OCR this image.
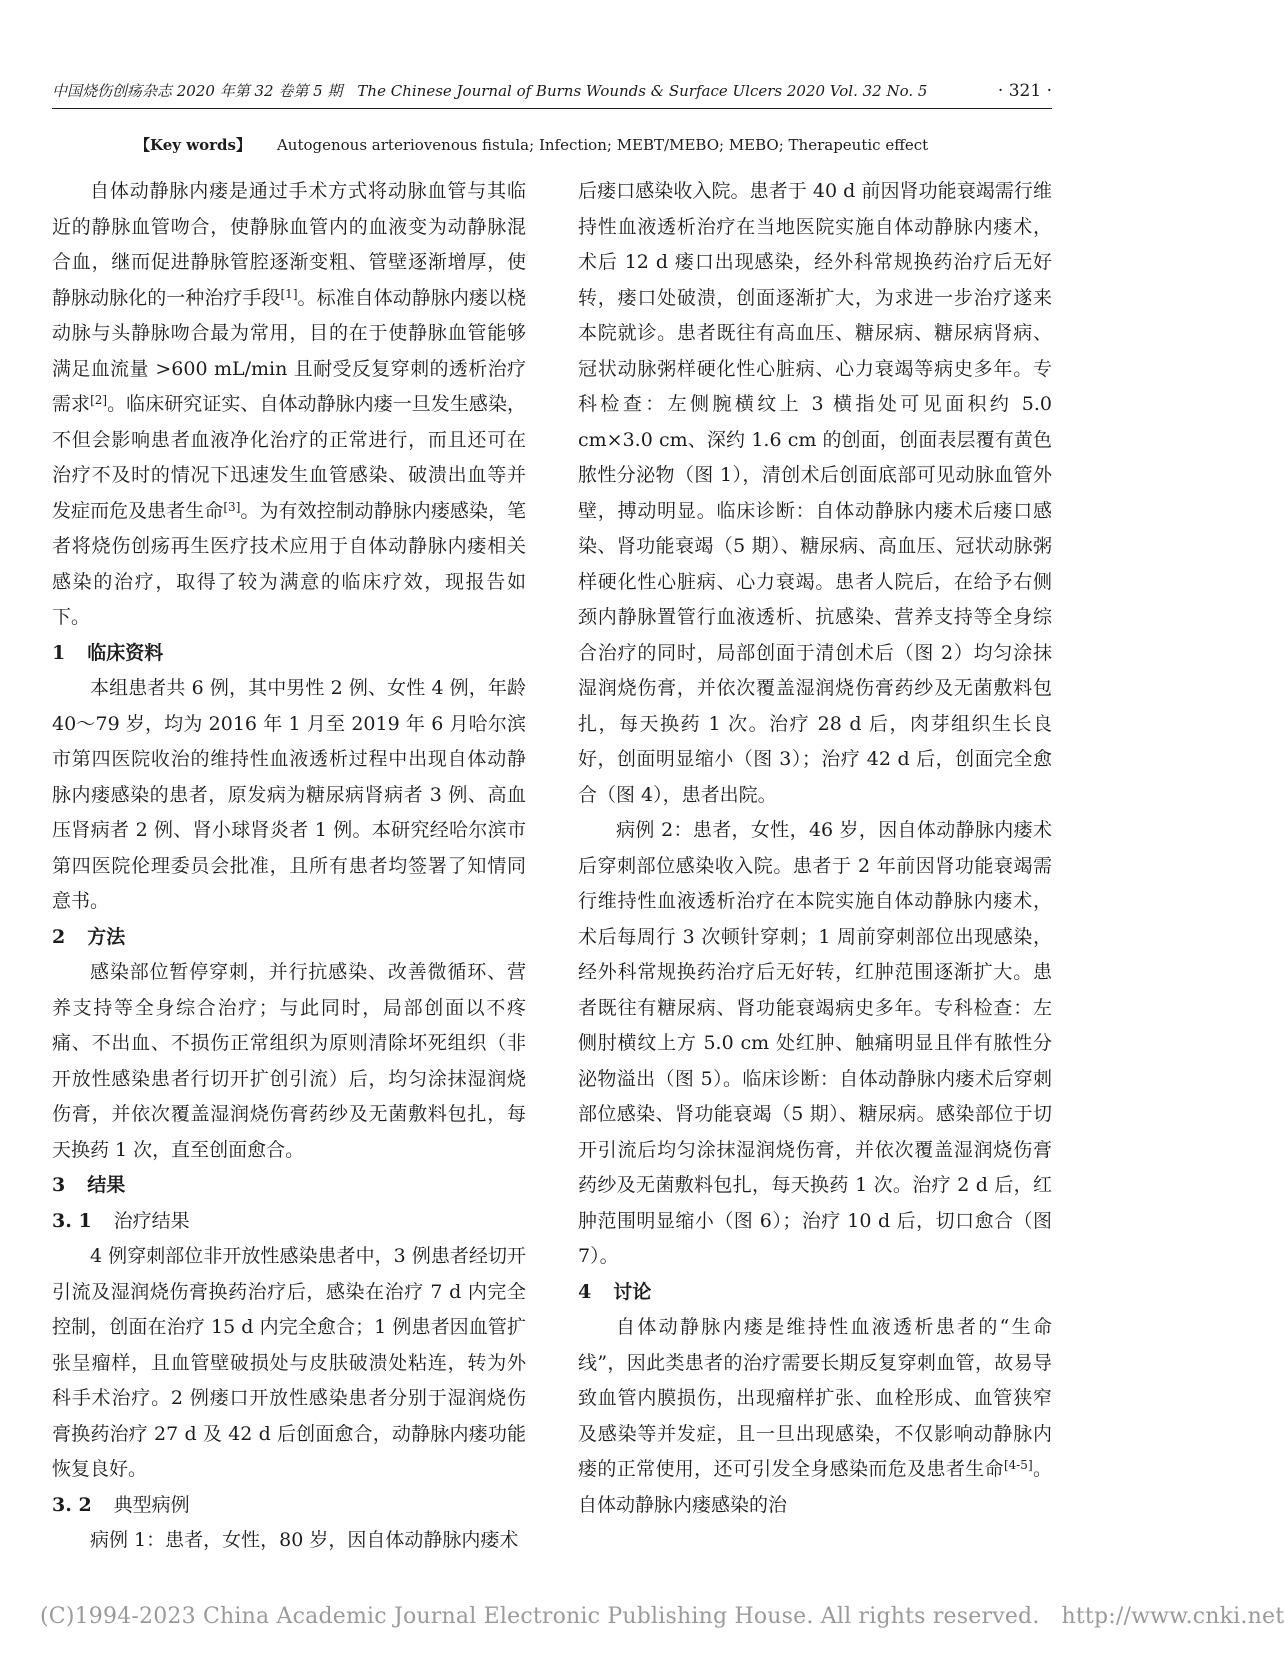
中国烧伤创疡杂志 2020 年第 32 卷第 5 期　The Chinese Journal of Burns Wounds & Surface Ulcers 2020 Vol. 32 No. 5	· 321 ·
【Key words】 Autogenous arteriovenous fistula; Infection; MEBT/MEBO; MEBO; Therapeutic effect

自体动静脉内瘘是通过手术方式将动脉血管与其临近的静脉血管吻合，使静脉血管内的血液变为动静脉混合血，继而促进静脉管腔逐渐变粗、管壁逐渐增厚，使静脉动脉化的一种治疗手段[1]。标准自体动静脉内瘘以桡动脉与头静脉吻合最为常用，目的在于使静脉血管能够满足血流量 >600 mL/min 且耐受反复穿刺的透析治疗需求[2]。临床研究证实、自体动静脉内瘘一旦发生感染，不但会影响患者血液净化治疗的正常进行，而且还可在治疗不及时的情况下迅速发生血管感染、破溃出血等并发症而危及患者生命[3]。为有效控制动静脉内瘘感染，笔者将烧伤创疡再生医疗技术应用于自体动静脉内瘘相关感染的治疗，取得了较为满意的临床疗效，现报告如下。

1 临床资料

本组患者共 6 例，其中男性 2 例、女性 4 例，年龄 40～79 岁，均为 2016 年 1 月至 2019 年 6 月哈尔滨市第四医院收治的维持性血液透析过程中出现自体动静脉内瘘感染的患者，原发病为糖尿病肾病者 3 例、高血压肾病者 2 例、肾小球肾炎者 1 例。本研究经哈尔滨市第四医院伦理委员会批准，且所有患者均签署了知情同意书。

2 方法

感染部位暂停穿刺，并行抗感染、改善微循环、营养支持等全身综合治疗；与此同时，局部创面以不疼痛、不出血、不损伤正常组织为原则清除坏死组织（非开放性感染患者行切开扩创引流）后，均匀涂抹湿润烧伤膏，并依次覆盖湿润烧伤膏药纱及无菌敷料包扎，每天换药 1 次，直至创面愈合。

3 结果
3. 1 治疗结果

4 例穿刺部位非开放性感染患者中，3 例患者经切开引流及湿润烧伤膏换药治疗后，感染在治疗 7 d 内完全控制，创面在治疗 15 d 内完全愈合；1 例患者因血管扩张呈瘤样，且血管壁破损处与皮肤破溃处粘连，转为外科手术治疗。2 例瘘口开放性感染患者分别于湿润烧伤膏换药治疗 27 d 及 42 d 后创面愈合，动静脉内瘘功能恢复良好。

3. 2 典型病例

病例 1：患者，女性，80 岁，因自体动静脉内瘘术

后瘘口感染收入院。患者于 40 d 前因肾功能衰竭需行维持性血液透析治疗在当地医院实施自体动静脉内瘘术，术后 12 d 瘘口出现感染，经外科常规换药治疗后无好转，瘘口处破溃，创面逐渐扩大，为求进一步治疗遂来本院就诊。患者既往有高血压、糖尿病、糖尿病肾病、冠状动脉粥样硬化性心脏病、心力衰竭等病史多年。专科检查：左侧腕横纹上 3 横指处可见面积约 5.0 cm×3.0 cm、深约 1.6 cm 的创面，创面表层覆有黄色脓性分泌物（图 1），清创术后创面底部可见动脉血管外壁，搏动明显。临床诊断：自体动静脉内瘘术后瘘口感染、肾功能衰竭（5 期）、糖尿病、高血压、冠状动脉粥样硬化性心脏病、心力衰竭。患者人院后，在给予右侧颈内静脉置管行血液透析、抗感染、营养支持等全身综合治疗的同时，局部创面于清创术后（图 2）均匀涂抹湿润烧伤膏，并依次覆盖湿润烧伤膏药纱及无菌敷料包扎，每天换药 1 次。治疗 28 d 后，肉芽组织生长良好，创面明显缩小（图 3）；治疗 42 d 后，创面完全愈合（图 4），患者出院。

病例 2：患者，女性，46 岁，因自体动静脉内瘘术后穿刺部位感染收入院。患者于 2 年前因肾功能衰竭需行维持性血液透析治疗在本院实施自体动静脉内瘘术，术后每周行 3 次顿针穿刺；1 周前穿刺部位出现感染，经外科常规换药治疗后无好转，红肿范围逐渐扩大。患者既往有糖尿病、肾功能衰竭病史多年。专科检查：左侧肘横纹上方 5.0 cm 处红肿、触痛明显且伴有脓性分泌物溢出（图 5）。临床诊断：自体动静脉内瘘术后穿刺部位感染、肾功能衰竭（5 期）、糖尿病。感染部位于切开引流后均匀涂抹湿润烧伤膏，并依次覆盖湿润烧伤膏药纱及无菌敷料包扎，每天换药 1 次。治疗 2 d 后，红肿范围明显缩小（图 6）；治疗 10 d 后，切口愈合（图 7）。

4 讨论

自体动静脉内瘘是维持性血液透析患者的“生命线”，因此类患者的治疗需要长期反复穿刺血管，故易导致血管内膜损伤，出现瘤样扩张、血栓形成、血管狭窄及感染等并发症，且一旦出现感染，不仅影响动静脉内瘘的正常使用，还可引发全身感染而危及患者生命[4-5]。自体动静脉内瘘感染的治

(C)1994-2023 China Academic Journal Electronic Publishing House. All rights reserved. http://www.cnki.net
